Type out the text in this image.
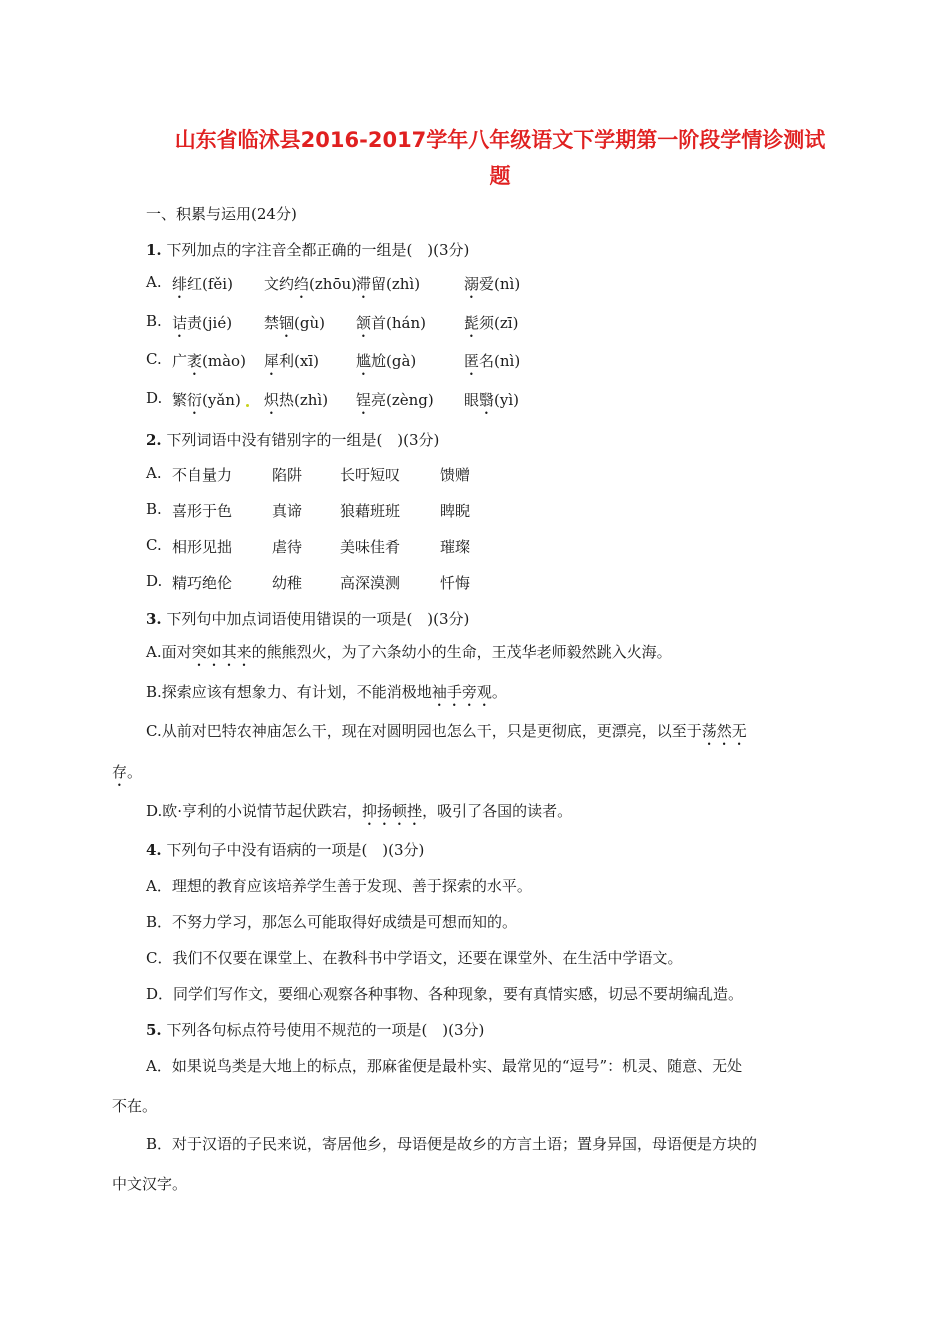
山东省临沭县2016-2017学年八年级语文下学期第一阶段学情诊测试
题
一、积累与运用(24分)
1. 下列加点的字注音全都正确的一组是(　)(3分)
A. 绯红(fěi) 文约绉(zhōu) 滞留(zhì)	溺爱(nì)
B. 诘责(jié) 禁锢(gù) 颔首(hán)	髭须(zī)
C. 广袤(mào) 犀利(xī) 尴尬(gà)	匿名(nì)
D. 繁衍(yǎn) 炽热(zhì) 锃亮(zèng) 眼翳(yì)
2. 下列词语中没有错别字的一组是(　)(3分)
A. 不自量力	陷阱	长吁短叹	馈赠
B. 喜形于色	真谛	狼藉班班	睥睨
C. 相形见拙	虐待	美味佳肴	璀璨
D. 精巧绝伦	幼稚	高深漠测	忏悔
3. 下列句中加点词语使用错误的一项是(　)(3分)
A.面对突如其来的熊熊烈火，为了六条幼小的生命，王茂华老师毅然跳入火海。
B.探索应该有想象力、有计划，不能消极地袖手旁观。
C.从前对巴特农神庙怎么干，现在对圆明园也怎么干，只是更彻底，更漂亮，以至于荡然无
存。
D.欧·亨利的小说情节起伏跌宕，抑扬顿挫，吸引了各国的读者。
4. 下列句子中没有语病的一项是(　)(3分)
A．理想的教育应该培养学生善于发现、善于探索的水平。
B．不努力学习，那怎么可能取得好成绩是可想而知的。
C．我们不仅要在课堂上、在教科书中学语文，还要在课堂外、在生活中学语文。
D．同学们写作文，要细心观察各种事物、各种现象，要有真情实感，切忌不要胡编乱造。
5. 下列各句标点符号使用不规范的一项是(　)(3分)
A．如果说鸟类是大地上的标点，那麻雀便是最朴实、最常见的“逗号”：机灵、随意、无处
不在。
B．对于汉语的子民来说，寄居他乡，母语便是故乡的方言土语；置身异国，母语便是方块的
中文汉字。
